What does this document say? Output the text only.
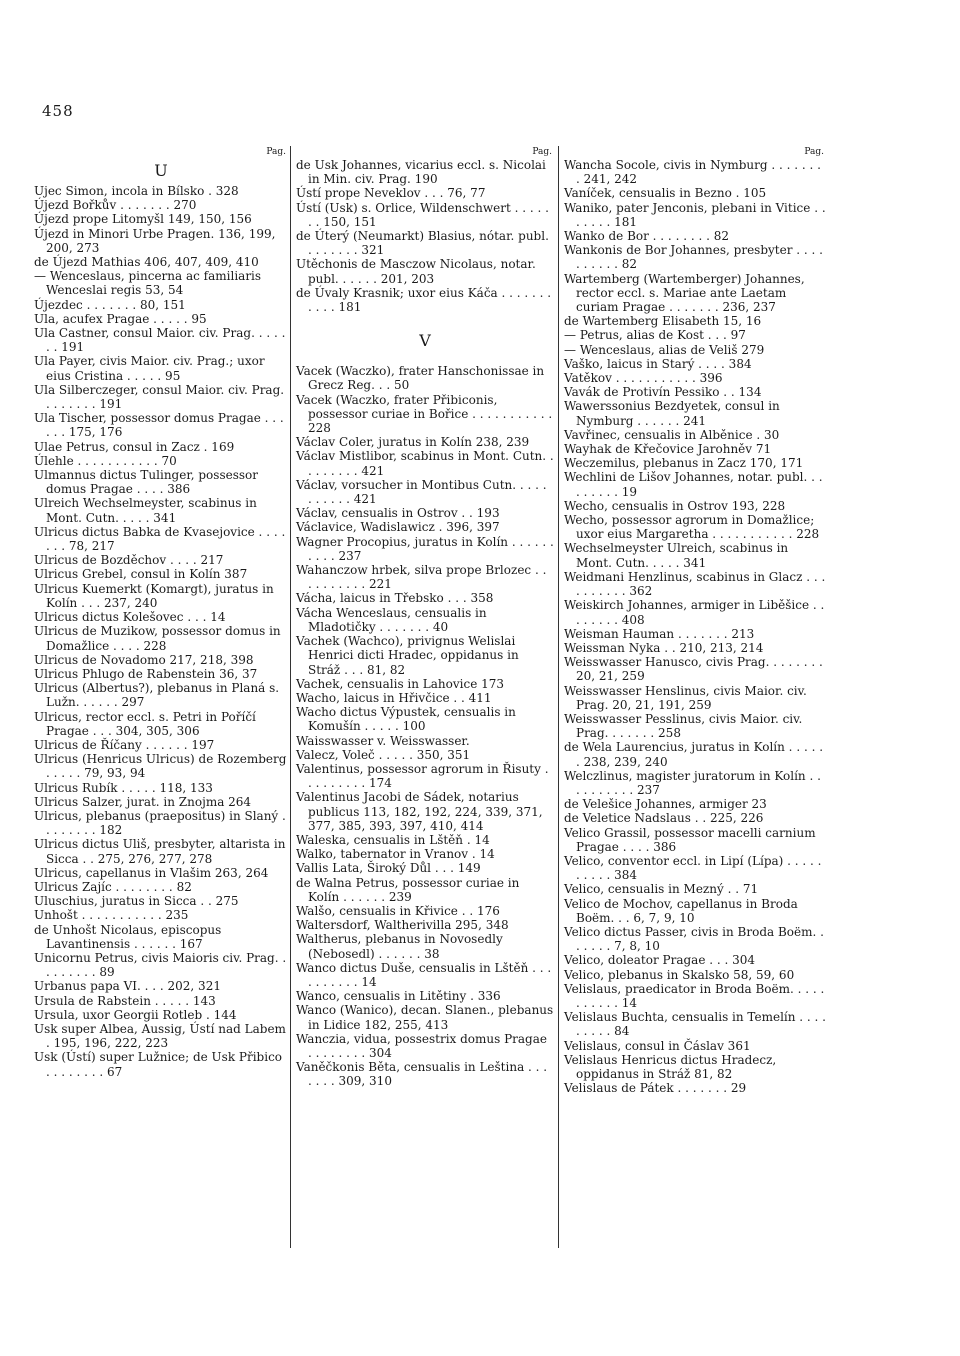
458
Pag.
U
Ujec Simon, incola in Bílsko . 328
Újezd Bořkův . . . . . . . 270
Újezd prope Litomyšl 149, 150, 156
Újezd in Minori Urbe Pragen. 136, 199, 200, 273
de Újezd Mathias 406, 407, 409, 410
— Wenceslaus, pincerna ac familiaris Wenceslai regis 53, 54
Újezdec . . . . . . . 80, 151
Ula, acufex Pragae . . . . . 95
Ula Castner, consul Maior. civ. Prag. . . . . . . 191
Ula Payer, civis Maior. civ. Prag.; uxor eius Cristina . . . . . 95
Ula Silberczeger, consul Maior. civ. Prag. . . . . . . . 191
Ula Tischer, possessor domus Pragae . . . . . . 175, 176
Ulae Petrus, consul in Zacz . 169
Úlehle . . . . . . . . . . . 70
Ulmannus dictus Tulinger, possessor domus Pragae . . . . 386
Ulreich Wechselmeyster, scabinus in Mont. Cutn. . . . . 341
Ulricus dictus Babka de Kvasejovice . . . . . . . 78, 217
Ulricus de Bozděchov . . . . 217
Ulricus Grebel, consul in Kolín 387
Ulricus Kuemerkt (Komargt), juratus in Kolín . . . 237, 240
Ulricus dictus Kolešovec . . . 14
Ulricus de Muzikow, possessor domus in Domažlice . . . . 228
Ulricus de Novadomo 217, 218, 398
Ulricus Phlugo de Rabenstein 36, 37
Ulricus (Albertus?), plebanus in Planá s. Lužn. . . . . . 297
Ulricus, rector eccl. s. Petri in Poříčí Pragae . . . 304, 305, 306
Ulricus de Říčany . . . . . . 197
Ulricus (Henricus Ulricus) de Rozemberg . . . . . 79, 93, 94
Ulricus Rubík . . . . . 118, 133
Ulricus Salzer, jurat. in Znojma 264
Ulricus, plebanus (praepositus) in Slaný . . . . . . . . 182
Ulricus dictus Uliš, presbyter, altarista in Sicca . . 275, 276, 277, 278
Ulricus, capellanus in Vlašim 263, 264
Ulricus Zajíc . . . . . . . . 82
Uluschius, juratus in Sicca . . 275
Unhošt . . . . . . . . . . . 235
de Unhošt Nicolaus, episcopus Lavantinensis . . . . . . 167
Unicornu Petrus, civis Maioris civ. Prag. . . . . . . . . 89
Urbanus papa VI. . . . 202, 321
Ursula de Rabstein . . . . . 143
Ursula, uxor Georgii Rotleb . 144
Usk super Albea, Aussig, Ústí nad Labem . 195, 196, 222, 223
Usk (Ústí) super Lužnice; de Usk Přibico . . . . . . . . 67
Pag.
de Usk Johannes, vicarius eccl. s. Nicolai in Min. civ. Prag. 190
Ústí prope Neveklov . . . 76, 77
Ústí (Usk) s. Orlice, Wildenschwert . . . . . . . 150, 151
de Úterý (Neumarkt) Blasius, nótar. publ. . . . . . . . 321
Utěchonis de Masczow Nicolaus, notar. publ. . . . . . 201, 203
de Úvaly Krasnik; uxor eius Káča . . . . . . . . . . . 181
V
Vacek (Waczko), frater Hanschonissae in Grecz Reg. . . 50
Vacek (Waczko, frater Přibiconis, possessor curiae in Bořice . . . . . . . . . . . 228
Václav Coler, juratus in Kolín 238, 239
Václav Mistlibor, scabinus in Mont. Cutn. . . . . . . . . 421
Václav, vorsucher in Montibus Cutn. . . . . . . . . . . 421
Václav, censualis in Ostrov . . 193
Václavice, Wadislawicz . 396, 397
Wagner Procopius, juratus in Kolín . . . . . . . . . . 237
Wahanczow hrbek, silva prope Brlozec . . . . . . . . . . 221
Vácha, laicus in Třebsko . . . 358
Vácha Wenceslaus, censualis in Mladotičky . . . . . . . 40
Vachek (Wachco), privignus Welislai Henrici dicti Hradec, oppidanus in Stráž . . . 81, 82
Vachek, censualis in Lahovice 173
Wacho, laicus in Hřivčice . . 411
Wacho dictus Výpustek, censualis in Komušín . . . . . 100
Waisswasser v. Weisswasser.
Valecz, Voleč . . . . . 350, 351
Valentinus, possessor agrorum in Řisuty . . . . . . . . . 174
Valentinus Jacobi de Sádek, notarius publicus 113, 182, 192, 224, 339, 371, 377, 385, 393, 397, 410, 414
Waleska, censualis in Lštěň . 14
Walko, tabernator in Vranov . 14
Vallis Lata, Široký Důl . . . 149
de Walna Petrus, possessor curiae in Kolín . . . . . . 239
Walšo, censualis in Křivice . . 176
Waltersdorf, Waltherivilla 295, 348
Waltherus, plebanus in Novosedly (Nebosedl) . . . . . . 38
Wanco dictus Duše, censualis in Lštěň . . . . . . . . . . 14
Wanco, censualis in Litětiny . 336
Wanco (Wanico), decan. Slanen., plebanus in Lidice 182, 255, 413
Wanczia, vidua, possestrix domus Pragae . . . . . . . . 304
Vaněčkonis Běta, censualis in Leština . . . . . . . 309, 310
Pag.
Wancha Socole, civis in Nymburg . . . . . . . . 241, 242
Vaníček, censualis in Bezno . 105
Waniko, pater Jenconis, plebani in Vitice . . . . . . . 181
Wanko de Bor . . . . . . . . 82
Wankonis de Bor Johannes, presbyter . . . . . . . . . . 82
Wartemberg (Wartemberger) Johannes, rector eccl. s. Mariae ante Laetam curiam Pragae . . . . . . . 236, 237
de Wartemberg Elisabeth 15, 16
— Petrus, alias de Kost . . . 97
— Wenceslaus, alias de Veliš 279
Vaško, laicus in Starý . . . . 384
Vatěkov . . . . . . . . . . . 396
Vavák de Protivín Pessiko . . 134
Wawerssonius Bezdyetek, consul in Nymburg . . . . . . 241
Vavřinec, censualis in Alběnice . 30
Wayhak de Křečovice Jarohněv 71
Weczemilus, plebanus in Zacz 170, 171
Wechlini de Lišov Johannes, notar. publ. . . . . . . . . 19
Wecho, censualis in Ostrov 193, 228
Wecho, possessor agrorum in Domažlice; uxor eius Margaretha . . . . . . . . . . . 228
Wechselmeyster Ulreich, scabinus in Mont. Cutn. . . . . 341
Weidmani Henzlinus, scabinus in Glacz . . . . . . . . . . 362
Weiskirch Johannes, armiger in Liběšice . . . . . . . . 408
Weisman Hauman . . . . . . . 213
Weissman Nyka . . 210, 213, 214
Weisswasser Hanusco, civis Prag. . . . . . . . 20, 21, 259
Weisswasser Henslinus, civis Maior. civ. Prag. 20, 21, 191, 259
Weisswasser Pesslinus, civis Maior. civ. Prag. . . . . . . 258
de Wela Laurencius, juratus in Kolín . . . . . . 238, 239, 240
Welczlinus, magister juratorum in Kolín . . . . . . . . . . 237
de Velešice Johannes, armiger 23
de Veletice Nadslaus . . 225, 226
Velico Grassil, possessor macelli carnium Pragae . . . . 386
Velico, conventor eccl. in Lipí (Lípa) . . . . . . . . . . 384
Velico, censualis in Mezný . . 71
Velico de Mochov, capellanus in Broda Boëm. . . 6, 7, 9, 10
Velico dictus Passer, civis in Broda Boëm. . . . . . . 7, 8, 10
Velico, doleator Pragae . . . 304
Velico, plebanus in Skalsko 58, 59, 60
Velislaus, praedicator in Broda Boëm. . . . . . . . . . . 14
Velislaus Buchta, censualis in Temelín . . . . . . . . . 84
Velislaus, consul in Čáslav 361
Velislaus Henricus dictus Hradecz, oppidanus in Stráž 81, 82
Velislaus de Pátek . . . . . . . 29
